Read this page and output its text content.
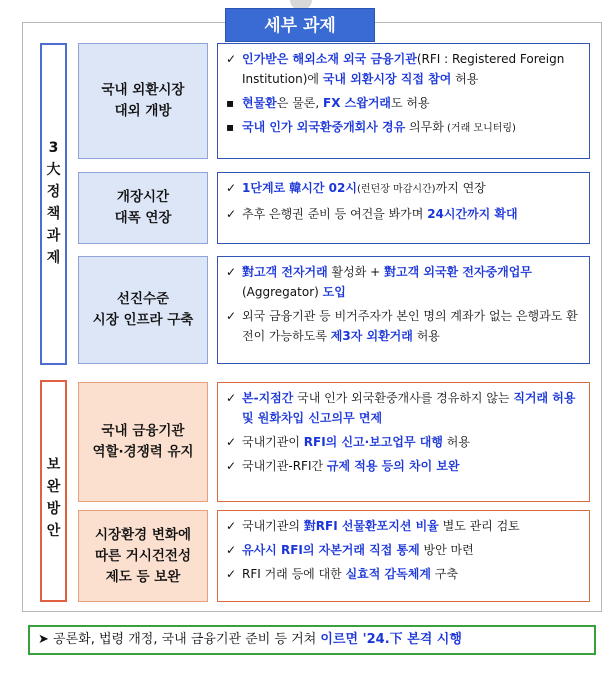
세부 과제
3
大
정
책
과
제
보
완
방
안
국내 외환시장
대외 개방
개장시간
대폭 연장
선진수준
시장 인프라 구축
국내 금융기관
역할·경쟁력 유지
시장환경 변화에
따른 거시건전성
제도 등 보완
✓ 인가받은 해외소재 외국 금융기관(RFI : Registered Foreign Institution)에 국내 외환시장 직접 참여 허용
▪ 현물환은 물론, FX 스왑거래도 허용
▪ 국내 인가 외국환중개회사 경유 의무화 (거래 모니터링)
✓ 1단계로 韓시간 02시(런던장 마감시간)까지 연장
✓ 추후 은행권 준비 등 여건을 봐가며 24시간까지 확대
✓ 對고객 전자거래 활성화 + 對고객 외국환 전자중개업무(Aggregator) 도입
✓ 외국 금융기관 등 비거주자가 본인 명의 계좌가 없는 은행과도 환전이 가능하도록 제3자 외환거래 허용
✓ 본-지점간 국내 인가 외국환중개사를 경유하지 않는 직거래 허용 및 원화차입 신고의무 면제
✓ 국내기관이 RFI의 신고·보고업무 대행 허용
✓ 국내기관-RFI간 규제 적용 등의 차이 보완
✓ 국내기관의 對RFI 선물환포지션 비율 별도 관리 검토
✓ 유사시 RFI의 자본거래 직접 통제 방안 마련
✓ RFI 거래 등에 대한 실효적 감독체계 구축
➤ 공론화, 법령 개정, 국내 금융기관 준비 등 거쳐 이르면 '24.下 본격 시행
